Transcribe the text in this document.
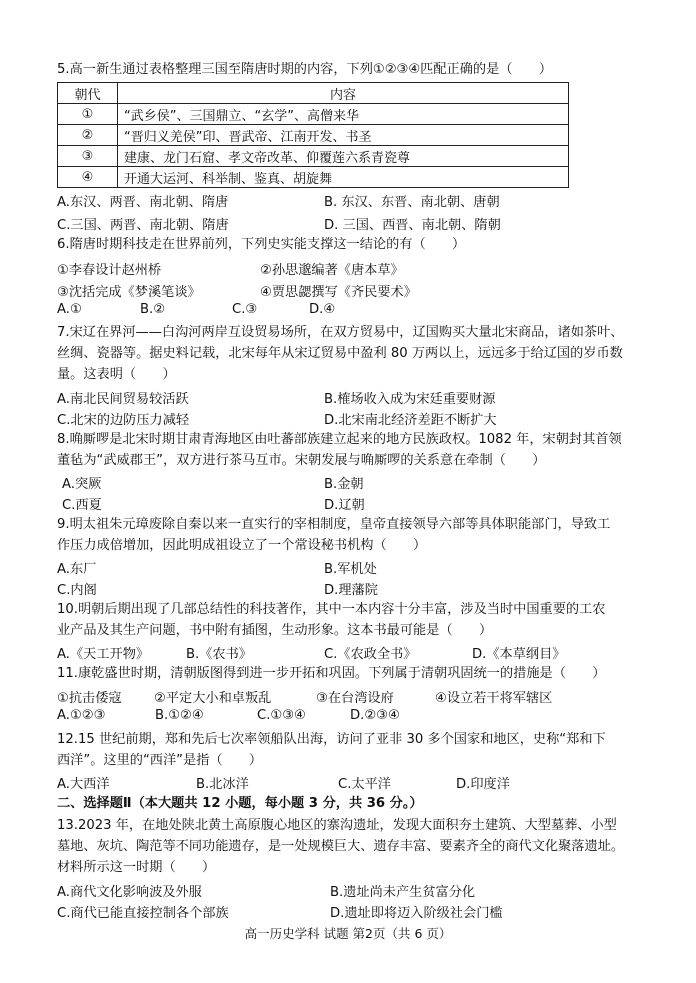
5.高一新生通过表格整理三国至隋唐时期的内容，下列①②③④匹配正确的是（　　）
朝代	内容
①	“武乡侯”、三国鼎立、“玄学”、高僧来华
②	“晋归义羌侯”印、晋武帝、江南开发、书圣
③	建康、龙门石窟、孝文帝改革、仰覆莲六系青瓷尊
④	开通大运河、科举制、鉴真、胡旋舞
A.东汉、两晋、南北朝、隋唐	B. 东汉、东晋、南北朝、唐朝
C.三国、两晋、南北朝、隋唐	D. 三国、西晋、南北朝、隋朝
6.隋唐时期科技走在世界前列，下列史实能支撑这一结论的有（　　）
①李春设计赵州桥	②孙思邈编著《唐本草》
③沈括完成《梦溪笔谈》	④贾思勰撰写《齐民要术》
A.①	B.②	C.③	D.④
7.宋辽在界河——白沟河两岸互设贸易场所，在双方贸易中，辽国购买大量北宋商品，诸如茶叶、
丝绸、瓷器等。据史料记载，北宋每年从宋辽贸易中盈利 80 万两以上，远远多于给辽国的岁币数
量。这表明（　　）
A.南北民间贸易较活跃	B.榷场收入成为宋廷重要财源
C.北宋的边防压力减轻	D.北宋南北经济差距不断扩大
8.唃厮啰是北宋时期甘肃青海地区由吐蕃部族建立起来的地方民族政权。1082 年，宋朝封其首领
董毡为“武威郡王”，双方进行茶马互市。宋朝发展与唃厮啰的关系意在牵制（　　）
A.突厥	B.金朝
C.西夏	D.辽朝
9.明太祖朱元璋废除自秦以来一直实行的宰相制度，皇帝直接领导六部等具体职能部门，导致工
作压力成倍增加，因此明成祖设立了一个常设秘书机构（　　）
A.东厂	B.军机处
C.内阁	D.理藩院
10.明朝后期出现了几部总结性的科技著作，其中一本内容十分丰富，涉及当时中国重要的工农
业产品及其生产问题，书中附有插图，生动形象。这本书最可能是（　　）
A.《天工开物》	B.《农书》	C.《农政全书》	D.《本草纲目》
11.康乾盛世时期，清朝版图得到进一步开拓和巩固。下列属于清朝巩固统一的措施是（　　）
①抗击倭寇 ②平定大小和卓叛乱	③在台湾设府	④设立若干将军辖区
A.①②③	B.①②④	C.①③④	D.②③④
12.15 世纪前期，郑和先后七次率领船队出海，访问了亚非 30 多个国家和地区，史称“郑和下
西洋”。这里的“西洋”是指（　　）
A.大西洋	B.北冰洋	C.太平洋	D.印度洋
二、选择题Ⅱ（本大题共 12 小题，每小题 3 分，共 36 分。）
13.2023 年，在地处陕北黄土高原腹心地区的寨沟遗址，发现大面积夯土建筑、大型墓葬、小型
墓地、灰坑、陶范等不同功能遗存，是一处规模巨大、遗存丰富、要素齐全的商代文化聚落遗址。
材料所示这一时期（　　）
A.商代文化影响波及外服	B.遗址尚未产生贫富分化
C.商代已能直接控制各个部族	D.遗址即将迈入阶级社会门槛
高一历史学科 试题 第2页（共 6 页）
